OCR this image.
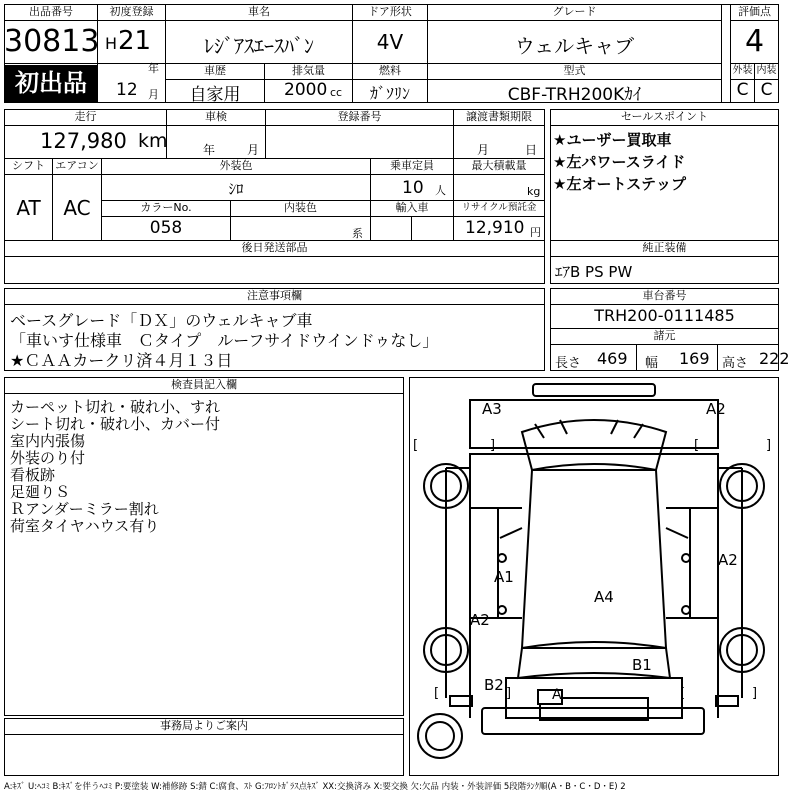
出品番号
30813
初出品
初度登録
H 21
年
12 月
車名
ﾚｼﾞｱｽｴｰｽﾊﾞﾝ
ドア形状
4V
グレード
ウェルキャブ
評価点
4
車歴
自家用
排気量
2000 cc
燃料
ｶﾞｿﾘﾝ
型式
CBF-TRH200Kｶｲ
外装 内装
C C
走行
127,980 km
車検
年	月
登録番号	譲渡書類期限
月	日
シフト
AT
エアコン
AC
外装色
ｼﾛ
乗車定員
10 人
最大積載量
kg
カラーNo.
058
内装色
系
輸入車	リサイクル預託金
12,910 円
後日発送部品
セールスポイント
★ユーザー買取車
★左パワースライド
★左オートステップ
純正装備
ｴｱB PS PW
注意事項欄
ベースグレード「ＤＸ」のウェルキャブ車
「車いす仕様車　Ｃタイプ　ルーフサイドウインドゥなし」
★ＣＡＡカークリ済４月１３日
車台番号
TRH200-0111485
諸元
長さ 469 幅 169 高さ 222
検査員記入欄
カーペット切れ・破れ小、すれ
シート切れ・破れ小、カバー付
室内内張傷
外装のり付
看板跡
足廻りＳ
Ｒアンダーミラー割れ
荷室タイヤハウス有り
事務局よりご案内
A3	A2
A2
A1
A4
A2
B1
B2
A
[	]	[	]
[	]	[	]
A:ｷｽﾞ U:ﾍｺﾐ B:ｷｽﾞを伴うﾍｺﾐ P:要塗装 W:補修跡 S:錆 C:腐食、ｽﾄ G:ﾌﾛﾝﾄｶﾞﾗｽ点ｷｽﾞ XX:交換済み X:要交換 欠:欠品 内装・外装評価 5段階ﾗﾝｸ順(A・B・C・D・E) 2
